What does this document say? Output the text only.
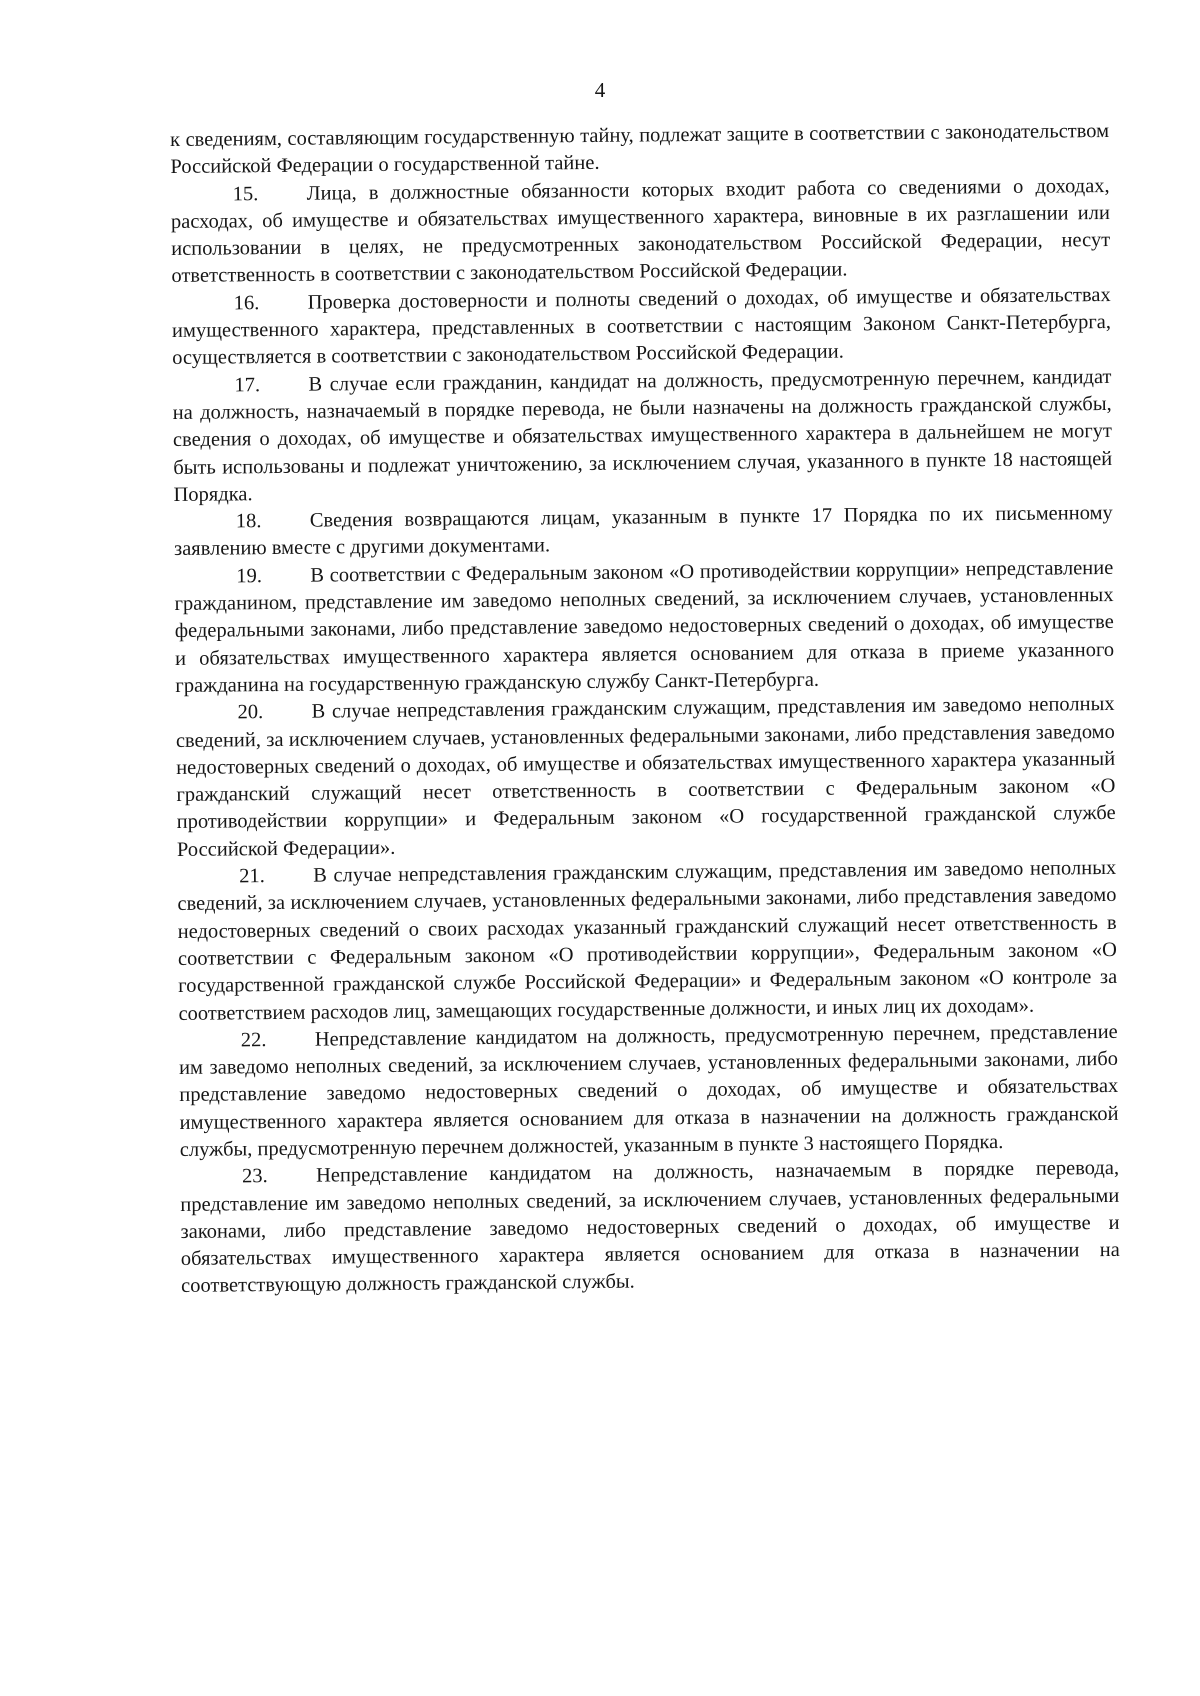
4

к сведениям, составляющим государственную тайну, подлежат защите в соответствии с законодательством Российской Федерации о государственной тайне.

15. Лица, в должностные обязанности которых входит работа со сведениями о доходах, расходах, об имуществе и обязательствах имущественного характера, виновные в их разглашении или использовании в целях, не предусмотренных законодательством Российской Федерации, несут ответственность в соответствии с законодательством Российской Федерации.

16. Проверка достоверности и полноты сведений о доходах, об имуществе и обязательствах имущественного характера, представленных в соответствии с настоящим Законом Санкт-Петербурга, осуществляется в соответствии с законодательством Российской Федерации.

17. В случае если гражданин, кандидат на должность, предусмотренную перечнем, кандидат на должность, назначаемый в порядке перевода, не были назначены на должность гражданской службы, сведения о доходах, об имуществе и обязательствах имущественного характера в дальнейшем не могут быть использованы и подлежат уничтожению, за исключением случая, указанного в пункте 18 настоящей Порядка.

18. Сведения возвращаются лицам, указанным в пункте 17 Порядка по их письменному заявлению вместе с другими документами.

19. В соответствии с Федеральным законом «О противодействии коррупции» непредставление гражданином, представление им заведомо неполных сведений, за исключением случаев, установленных федеральными законами, либо представление заведомо недостоверных сведений о доходах, об имуществе и обязательствах имущественного характера является основанием для отказа в приеме указанного гражданина на государственную гражданскую службу Санкт-Петербурга.

20. В случае непредставления гражданским служащим, представления им заведомо неполных сведений, за исключением случаев, установленных федеральными законами, либо представления заведомо недостоверных сведений о доходах, об имуществе и обязательствах имущественного характера указанный гражданский служащий несет ответственность в соответствии с Федеральным законом «О противодействии коррупции» и Федеральным законом «О государственной гражданской службе Российской Федерации».

21. В случае непредставления гражданским служащим, представления им заведомо неполных сведений, за исключением случаев, установленных федеральными законами, либо представления заведомо недостоверных сведений о своих расходах указанный гражданский служащий несет ответственность в соответствии с Федеральным законом «О противодействии коррупции», Федеральным законом «О государственной гражданской службе Российской Федерации» и Федеральным законом «О контроле за соответствием расходов лиц, замещающих государственные должности, и иных лиц их доходам».

22. Непредставление кандидатом на должность, предусмотренную перечнем, представление им заведомо неполных сведений, за исключением случаев, установленных федеральными законами, либо представление заведомо недостоверных сведений о доходах, об имуществе и обязательствах имущественного характера является основанием для отказа в назначении на должность гражданской службы, предусмотренную перечнем должностей, указанным в пункте 3 настоящего Порядка.

23. Непредставление кандидатом на должность, назначаемым в порядке перевода, представление им заведомо неполных сведений, за исключением случаев, установленных федеральными законами, либо представление заведомо недостоверных сведений о доходах, об имуществе и обязательствах имущественного характера является основанием для отказа в назначении на соответствующую должность гражданской службы.
